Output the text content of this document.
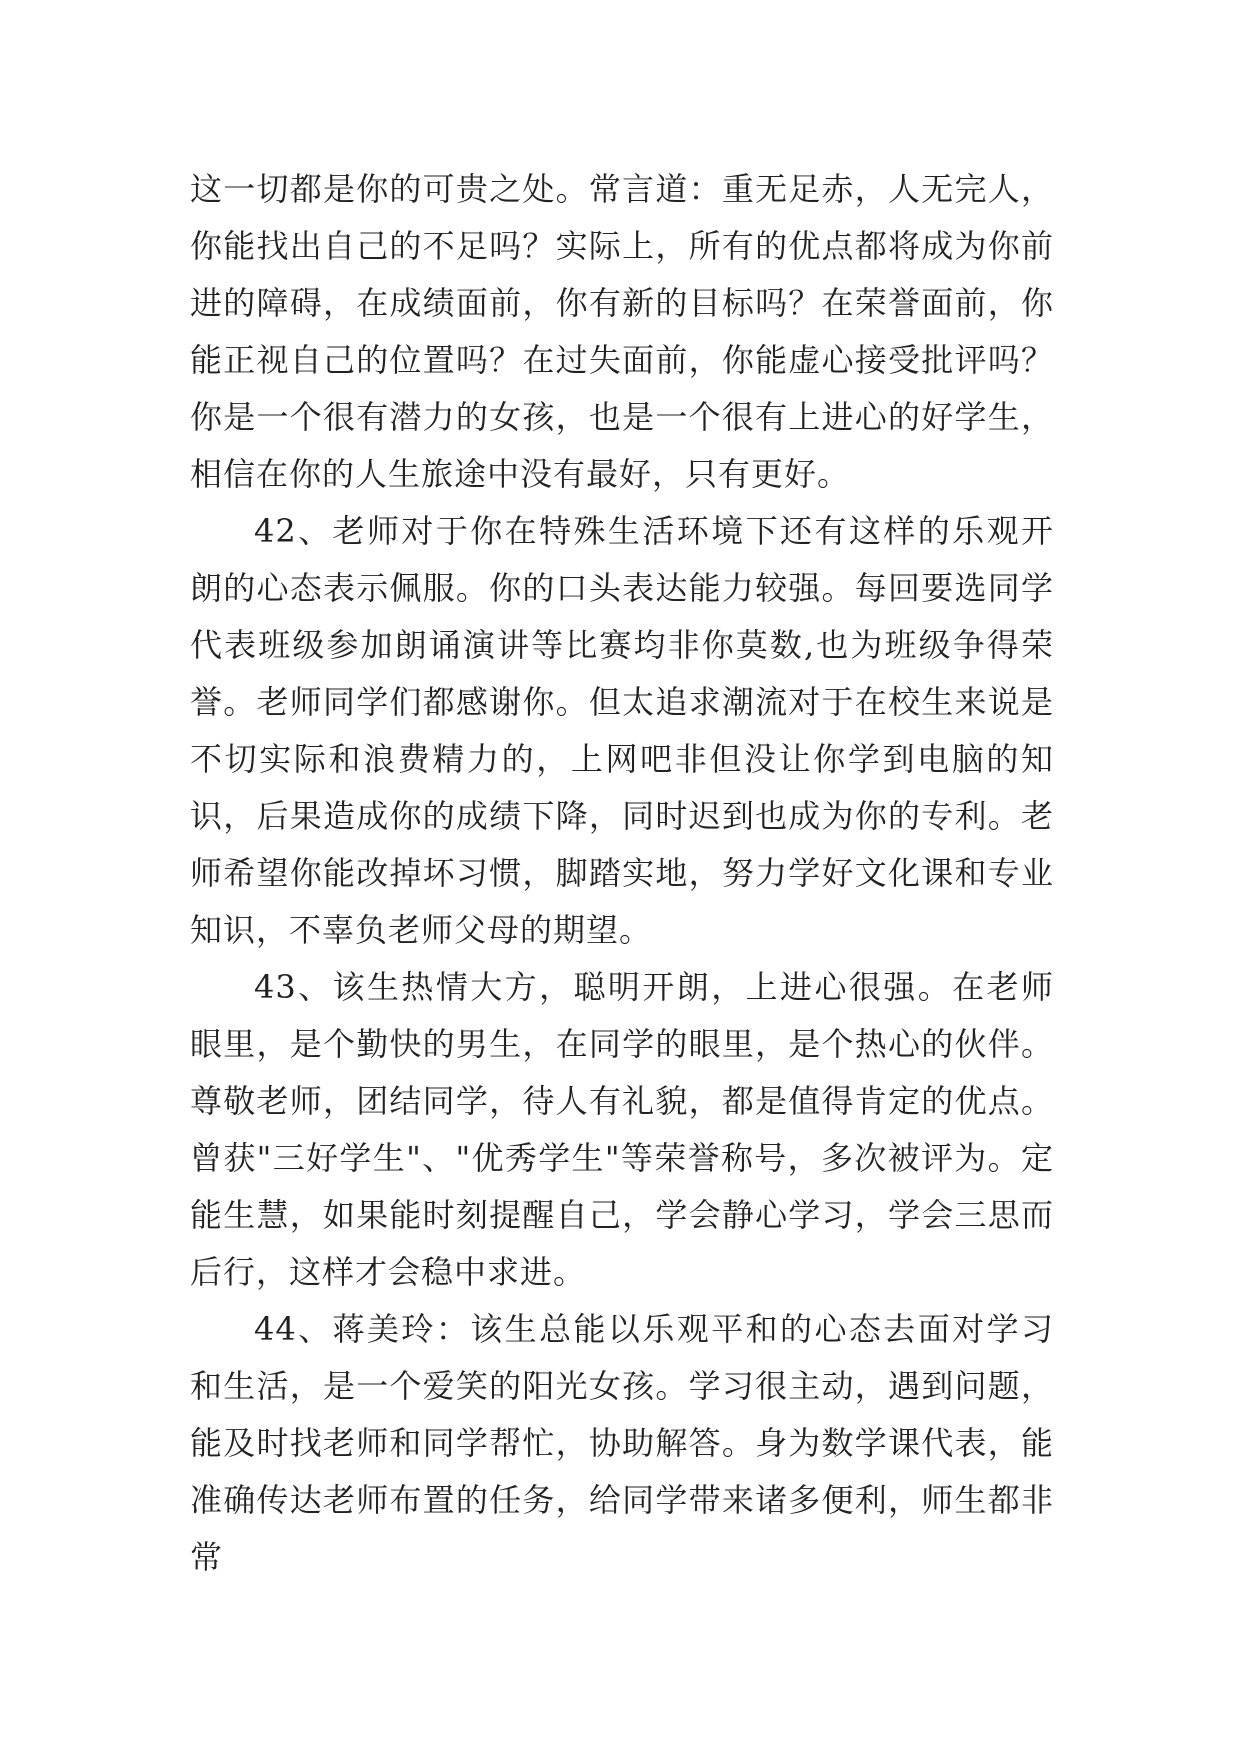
这一切都是你的可贵之处。常言道：重无足赤，人无完人，你能找出自己的不足吗？实际上，所有的优点都将成为你前进的障碍，在成绩面前，你有新的目标吗？在荣誉面前，你能正视自己的位置吗？在过失面前，你能虚心接受批评吗？你是一个很有潜力的女孩，也是一个很有上进心的好学生，相信在你的人生旅途中没有最好，只有更好。

42、老师对于你在特殊生活环境下还有这样的乐观开朗的心态表示佩服。你的口头表达能力较强。每回要选同学代表班级参加朗诵演讲等比赛均非你莫数,也为班级争得荣誉。老师同学们都感谢你。但太追求潮流对于在校生来说是不切实际和浪费精力的，上网吧非但没让你学到电脑的知识，后果造成你的成绩下降，同时迟到也成为你的专利。老师希望你能改掉坏习惯，脚踏实地，努力学好文化课和专业知识，不辜负老师父母的期望。

43、该生热情大方，聪明开朗，上进心很强。在老师眼里，是个勤快的男生，在同学的眼里，是个热心的伙伴。尊敬老师，团结同学，待人有礼貌，都是值得肯定的优点。曾获"三好学生"、"优秀学生"等荣誉称号，多次被评为。定能生慧，如果能时刻提醒自己，学会静心学习，学会三思而后行，这样才会稳中求进。

44、蒋美玲：该生总能以乐观平和的心态去面对学习和生活，是一个爱笑的阳光女孩。学习很主动，遇到问题，能及时找老师和同学帮忙，协助解答。身为数学课代表，能准确传达老师布置的任务，给同学带来诸多便利，师生都非常
